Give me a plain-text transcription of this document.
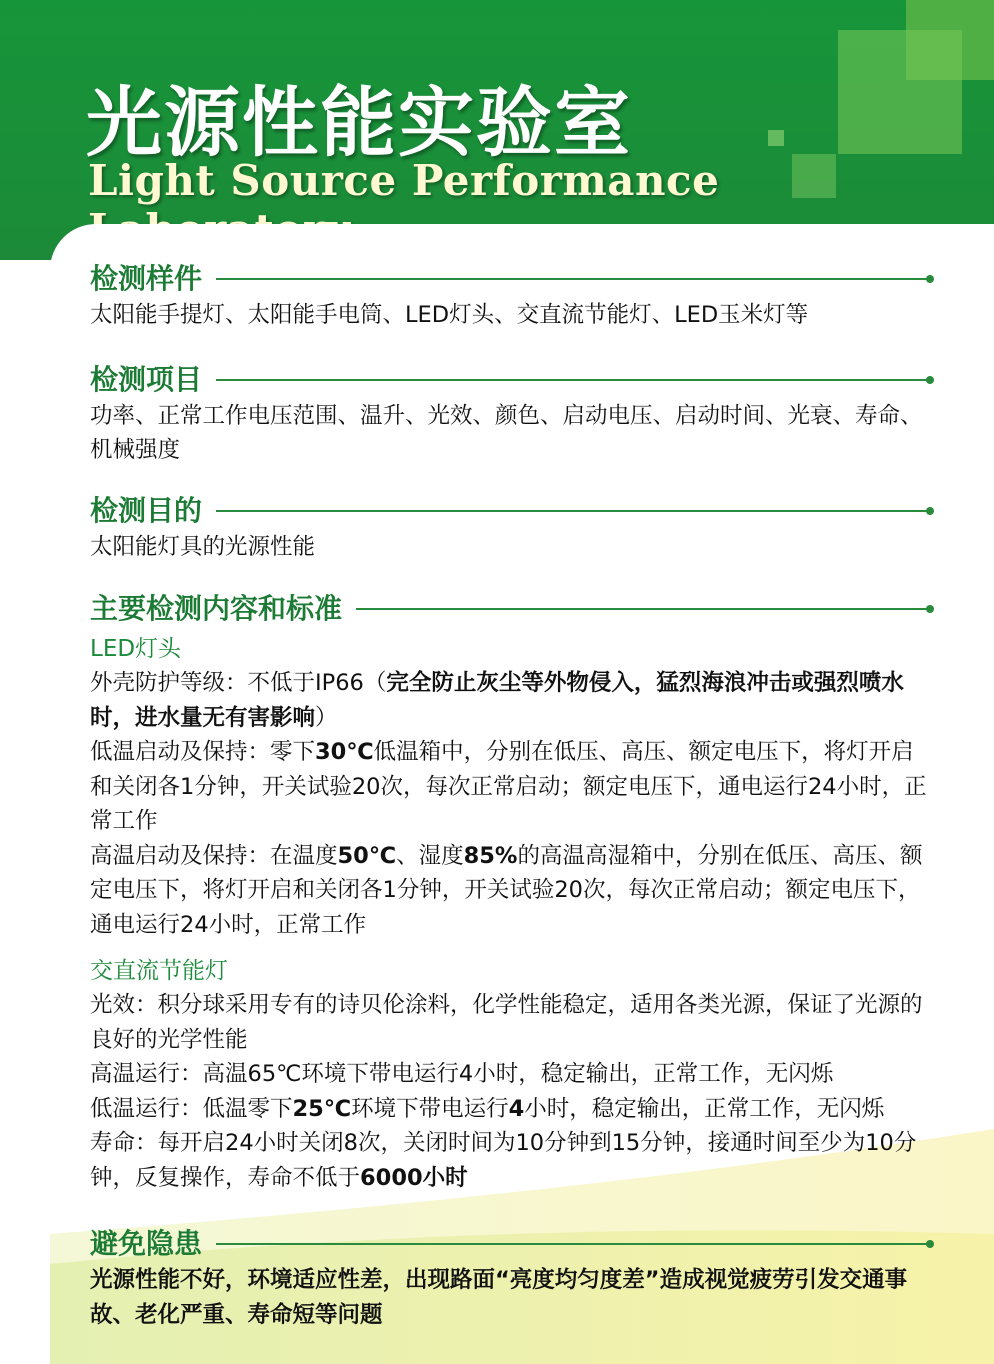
光源性能实验室
Light Source Performance
检测样件

太阳能手提灯、太阳能手电筒、LED灯头、交直流节能灯、LED玉米灯等

检测项目

功率、正常工作电压范围、温升、光效、颜色、启动电压、启动时间、光衰、寿命、机械强度

检测目的

太阳能灯具的光源性能

主要检测内容和标准

LED灯头

外壳防护等级：不低于IP66（完全防止灰尘等外物侵入，猛烈海浪冲击或强烈喷水时，进水量无有害影响）

低温启动及保持：零下30℃低温箱中，分别在低压、高压、额定电压下，将灯开启和关闭各1分钟，开关试验20次，每次正常启动；额定电压下，通电运行24小时，正常工作

高温启动及保持：在温度50℃、湿度85%的高温高湿箱中，分别在低压、高压、额定电压下，将灯开启和关闭各1分钟，开关试验20次，每次正常启动；额定电压下，通电运行24小时，正常工作

交直流节能灯

光效：积分球采用专有的诗贝伦涂料，化学性能稳定，适用各类光源，保证了光源的良好的光学性能

高温运行：高温65℃环境下带电运行4小时，稳定输出，正常工作，无闪烁

低温运行：低温零下25℃环境下带电运行4小时，稳定输出，正常工作，无闪烁

寿命：每开启24小时关闭8次，关闭时间为10分钟到15分钟，接通时间至少为10分钟，反复操作，寿命不低于6000小时

避免隐患

光源性能不好，环境适应性差，出现路面“亮度均匀度差”造成视觉疲劳引发交通事故、老化严重、寿命短等问题
